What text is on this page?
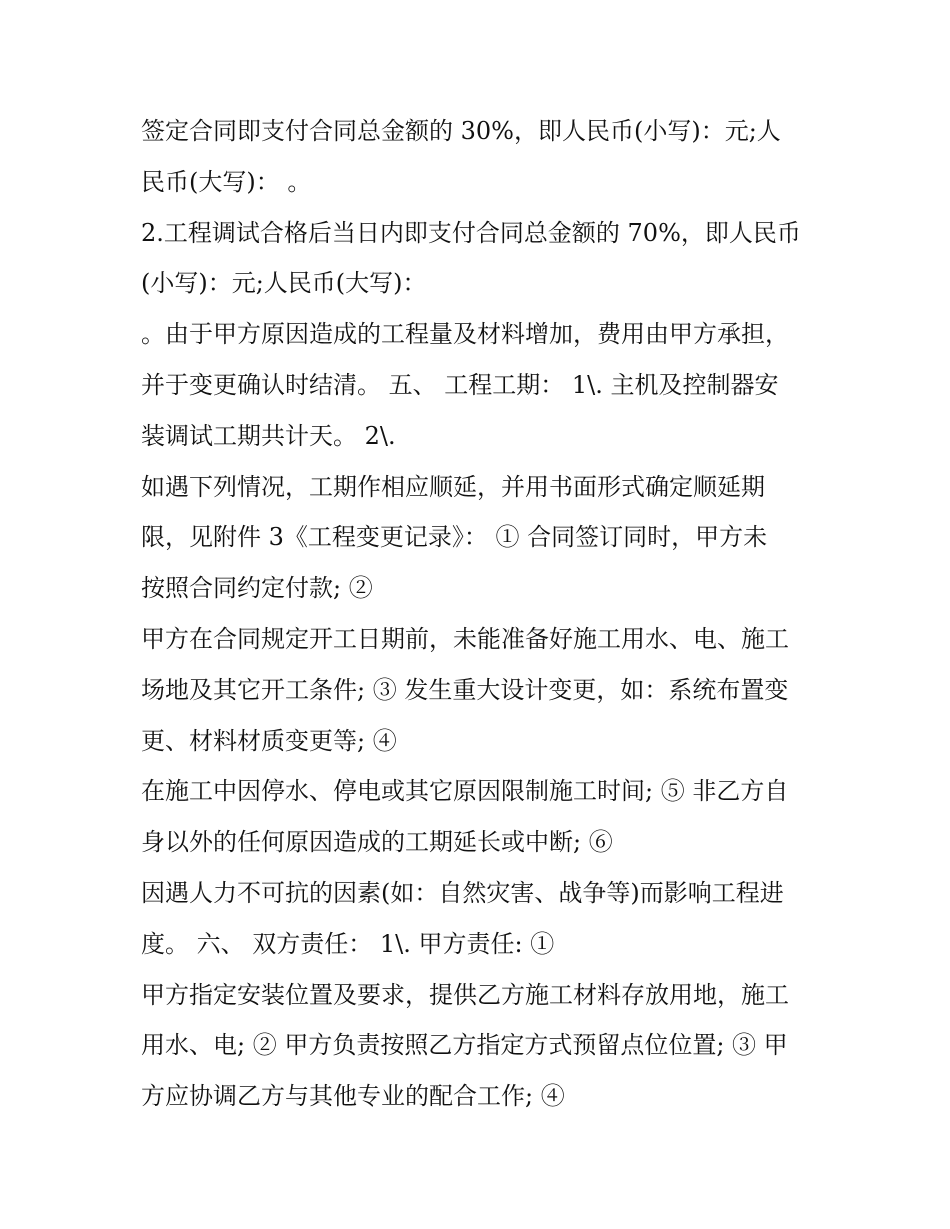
签定合同即支付合同总金额的 30%，即人民币(小写)：元;人
民币(大写)： 。
2.工程调试合格后当日内即支付合同总金额的 70%，即人民币
(小写)：元;人民币(大写)：
。由于甲方原因造成的工程量及材料增加，费用由甲方承担，
并于变更确认时结清。 五、 工程工期： 1\. 主机及控制器安
装调试工期共计天。 2\.
如遇下列情况，工期作相应顺延，并用书面形式确定顺延期
限，见附件 3《工程变更记录》： ① 合同签订同时，甲方未
按照合同约定付款; ②
甲方在合同规定开工日期前，未能准备好施工用水、电、施工
场地及其它开工条件; ③ 发生重大设计变更，如：系统布置变
更、材料材质变更等; ④
在施工中因停水、停电或其它原因限制施工时间; ⑤ 非乙方自
身以外的任何原因造成的工期延长或中断; ⑥
因遇人力不可抗的因素(如：自然灾害、战争等)而影响工程进
度。 六、 双方责任： 1\. 甲方责任: ①
甲方指定安装位置及要求，提供乙方施工材料存放用地，施工
用水、电; ② 甲方负责按照乙方指定方式预留点位位置; ③ 甲
方应协调乙方与其他专业的配合工作; ④
